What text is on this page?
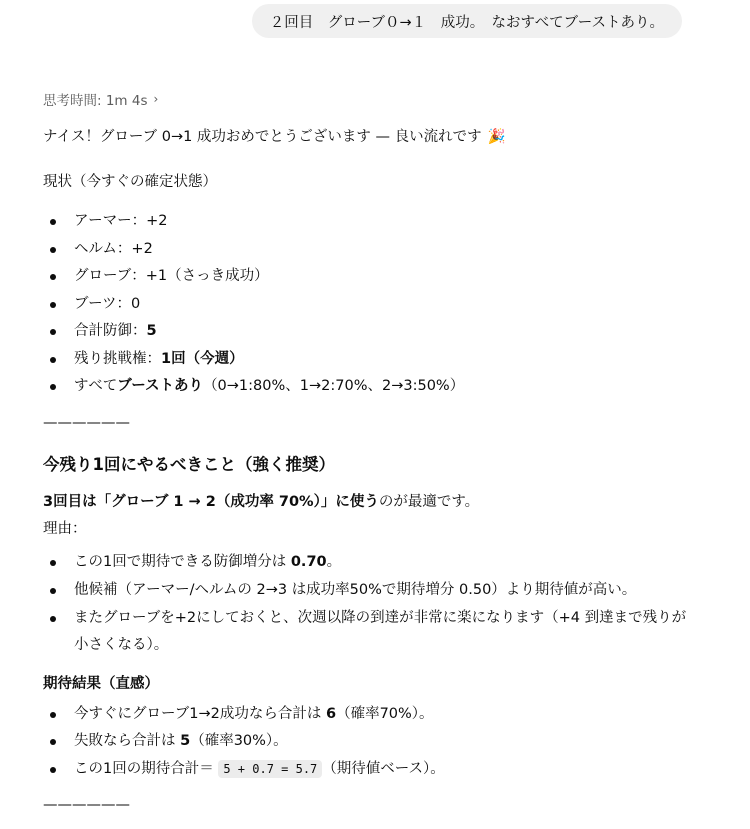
２回目　グローブ０→１　成功。　なおすべてブーストあり。
思考時間: 1m 4s ›

ナイス！グローブ 0→1 成功おめでとうございます — 良い流れです 🎉

現状（今すぐの確定状態）

アーマー：+2
ヘルム：+2
グローブ：+1（さっき成功）
ブーツ：0
合計防御：5
残り挑戦権：1回（今週）
すべてブーストあり（0→1:80%、1→2:70%、2→3:50%）

——————

今残り1回にやるべきこと（強く推奨）

3回目は「グローブ 1 → 2（成功率 70%）」に使うのが最適です。

理由：

この1回で期待できる防御増分は 0.70。
他候補（アーマー/ヘルムの 2→3 は成功率50%で期待増分 0.50）より期待値が高い。
またグローブを+2にしておくと、次週以降の到達が非常に楽になります（+4 到達まで残りが小さくなる）。

期待結果（直感）

今すぐにグローブ1→2成功なら合計は 6（確率70%）。
失敗なら合計は 5（確率30%）。
この1回の期待合計＝ 5 + 0.7 = 5.7 （期待値ベース）。

——————
